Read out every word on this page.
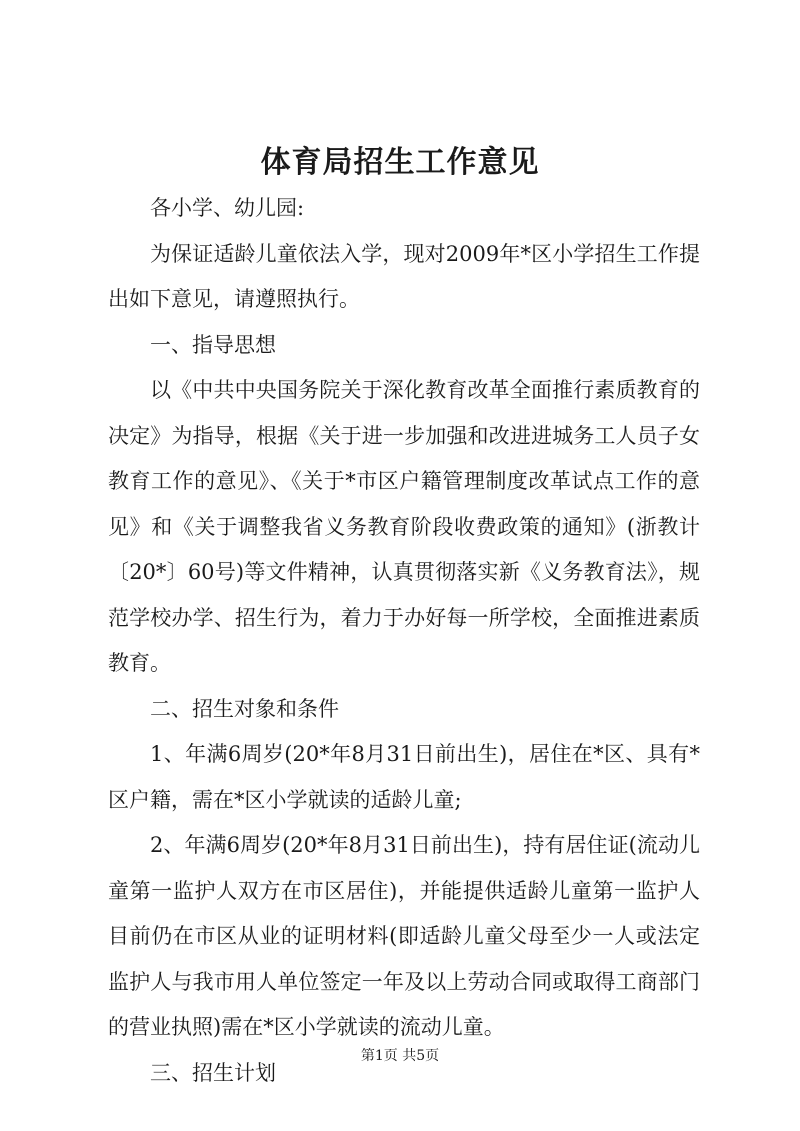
体育局招生工作意见

各小学、幼儿园:

为保证适龄儿童依法入学，现对2009年*区小学招生工作提出如下意见，请遵照执行。

一、指导思想

以《中共中央国务院关于深化教育改革全面推行素质教育的决定》为指导，根据《关于进一步加强和改进进城务工人员子女教育工作的意见》、《关于*市区户籍管理制度改革试点工作的意见》和《关于调整我省义务教育阶段收费政策的通知》(浙教计〔20*〕60号)等文件精神，认真贯彻落实新《义务教育法》，规范学校办学、招生行为，着力于办好每一所学校，全面推进素质教育。

二、招生对象和条件

1、年满6周岁(20*年8月31日前出生)，居住在*区、具有*区户籍，需在*区小学就读的适龄儿童;

2、年满6周岁(20*年8月31日前出生)，持有居住证(流动儿童第一监护人双方在市区居住)，并能提供适龄儿童第一监护人目前仍在市区从业的证明材料(即适龄儿童父母至少一人或法定监护人与我市用人单位签定一年及以上劳动合同或取得工商部门的营业执照)需在*区小学就读的流动儿童。

三、招生计划

第1页 共5页
